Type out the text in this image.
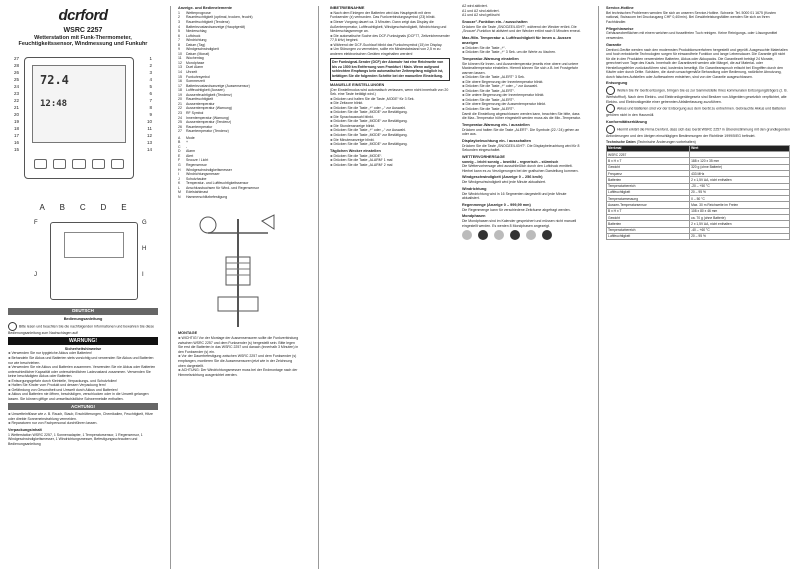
dcrford
WSRC 2257
Wetterstation mit Funk-Thermometer,
Feuchtigkeitssensor, Windmessung und Funkuhr
27
28
26
25
24
23
22
21
20
19
18
17
16
15
1
2
3
4
5
6
7
8
9
10
11
12
13
14
72.4
12:48
A B C D E
F	G
H
I
J
DEUTSCH
Bedienungsanleitung
Bitte lesen und beachten Sie die nachfolgenden Informationen und bewahren Sie diese Bedienungsanleitung zum Nachschlagen auf!
WARNUNG!
Sicherheitshinweise
► Verwenden Sie nur typgleiche Akkus oder Batterien!
► Behandeln Sie Akkus und Batterien stets vorsichtig und verwenden Sie Akkus und Batterien nur wie beschrieben.
► Verwenden Sie nie Akkus und Batterien zusammen. Verwenden Sie nie Akkus oder Batterien unterschiedlicher Kapazität oder unterschiedlichen Ladezustand zusammen. Verwenden Sie keine beschädigten Akkus oder Batterien.
► Entsorgungsgefahr durch Kleinteile, Verpackungs- und Schutzfolien!
► Halten Sie Kinder vom Produkt und dessen Verpackung fern!
► Gefährdung von Gesundheit und Umwelt durch Akkus und Batterien!
► Akkus und Batterien nie öffnen, beschädigen, verschlucken oder in die Umwelt gelangen lassen. Sie können giftige und umweltschädliche Schwermetalle enthalten.
ACHTUNG!
► Umwelteinflüsse wie z. B. Rauch, Staub, Erschütterungen, Chemikalien, Feuchtigkeit, Hitze oder direkte Sonneneinstrahlung vermeiden.
► Reparaturen nur von Fachpersonal durchführen lassen.
Verpackungsinhalt
1 Wetterstation WSRC 2257, 1 Sonnenadapter, 1 Temperatursensor, 1 Regensensor, 1 Windgeschwindigkeitsmesser, 1 Windrichtungsmesser, Befestigungsschrauben und Bedienungsanleitung
Anzeige- und Bedienelemente
1	Wetterprognose
2	Raumfeuchtigkeit (optimal, trocken, feucht)
3	Raumfeuchtigkeit (Tendenz)
4	Batteriezustandsanzeige (Hauptgerät)
5	Niederschlag
6	Luftdruck
7	Windrichtung
8	Datum (Tag)
9	Windgeschwindigkeit
10	Datum (Monat)
11	Wochentag
12	Mondphase
13	Duel Alarm
14	Uhrzeit
15	Funkuhrsymbol
16	Sommerzeit
17	Batteriezustandsanzeige (Aussensensor)
18	Luftfeuchtigkeit (Aussen)
19	Aussenfeuchtigkeit (Tendenz)
20	Raumfeuchtigkeit
21	Aussentemperatur
22	Aussentemperatur (Warnung)
23	RF Symbol
24	Innentemperatur (Warnung)
25	Aussentemperatur (Tendenz)
26	Raumtemperatur
27	Raumtemperatur (Tendenz)
A	Mode
B	+
C	-
D	Alarm
E	Alert
F	Snooze / Licht
G	Regensensor
H	Windgeschwindigkeitsmesser
I	Windrichtungsmesser
J	Schutzhaube
K	Temperatur- und Luftfeuchtigkeitssensor
L	Anschlussbuchsen für Wind- und Regensensor
M	Edelstahlmast
N	Hammerschlitzbefestigung
MONTAGE
► WICHTIG! Vor der Montage der Aussensensoren sollte die Funkverbindung zwischen WSRC 2257 und dem Funksender (s) hergestellt sein. Bitte legen Sie erst die Batterien in das WSRC 2257 und danach (innerhalb 3 Minuten) in den Funksender (s) ein.
► Vor der Dauerbefestigung zwischen WSRC 2257 und dem Funksender (s) empfangen, montieren Sie die Aussensensoren jetzt wie in der Zeichnung oben dargestellt.
► ACHTUNG: Der Windrichtungsmesser muss bei der Endmontage nach der Himmelsrichtung ausgerichtet werden.
INBETRIEBNAHME
► Nach dem Einlegen der Batterien wird das Hauptgerät mit dem Funksender (z) verbunden. Das Funkverbindungssymbol (23) blinkt.
► Dieser Vorgang dauert ca. 3 Minuten. Dann zeigt das Display die Außentemperatur, Luftfeuchtigkeit, Windgeschwindigkeit, Windrichtung und Niederschlagsmenge an.
► Die automatische Suche des DCF-Funksignals (DCF77, Zeitzeichensender 77,5 kHz) beginnt.
► Während der DCF-Suchlauf blinkt das Funkuhrsymbol (15) im Display.
► Um Störungen zu vermeiden, sollte ein Mindestabstand von 2,5 m zu anderen elektronischen Geräten eingehalten werden!
Der Funksignal-Sender (DCF) der Atomuhr hat eine Reichweite von bis zu 1500 km Entfernung vom Frankfurt / Main. Wenn aufgrund schlechten Empfangs kein automatischer Zeitempfang möglich ist, betätigen Sie die folgenden Schritte bei der manuellen Einstellung.
MANUELLE EINSTELLUNGEN
(Der Einstellmodus wird automatisch verlassen, wenn nicht innerhalb von 20 Sek. eine Taste betätigt wird.)
► Drücken und halten Sie die Taste „MODE“ für 3 Sek.
► Die Zeitzone blinkt.
► Drücken Sie die Taste „+“ oder „-“ zur Auswahl.
► Drücken Sie die Taste „MODE“ zur Bestätigung.
► Die Sprachauswahl blinkt.
► Drücken Sie die Taste „MODE“ zur Bestätigung.
► Die Stundenanzeige blinkt.
► Drücken Sie die Taste „+“ oder „-“ zur Auswahl.
► Drücken Sie die Taste „MODE“ zur Bestätigung.
► Die Minutenanzeige blinkt.
► Drücken Sie die Taste „MODE“ zur Bestätigung.
Täglichen Wecker einstellen
► Drücken Sie die Taste „MODE“.
► Drücken Sie die Taste „ALARM“ 1 mal
► Drücken Sie die Taste „ALARM“ 2 mal
A2 wird aktiviert.
A1 und A2 sind aktiviert.
A1 und A2 sind gelöscht
Snooze"-Funktion ein- / ausschalten
Drücken Sie die Taste „SNOOZE/LIGHT“, während der Wecker ertönt. Die „Snooze“-Funktion ist aktiviert und der Wecker ertönt nach 5 Minuten erneut.
Max./Min. Temperatur u. Luftfeuchtigkeit für Innen u. Aussen anzeigen
► Drücken Sie die Taste „+“.
► Drücken Sie die Taste „+“ 3 Sek. um die Werte zu löschen.
Temperatur-Warnung einstellen
Sie können für Innen- und Aussentemperatur jeweils eine obere und untere Maximaltemperatur einstellen. Hiermit können Sie sich z.B. bei Frostgefahr warnen lassen.
► Drücken Sie die Taste „ALERT“ 3 Sek.
► Die obere Begrenzung der Innentemperatur blinkt.
► Drücken Sie die Taste „+“ oder „-“ zur Auswahl.
► Drücken Sie die Taste „ALERT“.
► Die untere Begrenzung der Innentemperatur blinkt.
► Drücken Sie die Taste „ALERT“.
► Die obere Begrenzung der Aussentemperatur blinkt.
► Drücken Sie die Taste „ALERT“.
Damit die Einstellung abgeschlossen werden kann, beachten Sie bitte, dass die Max.-Temperatur höher eingestellt werden muss als die Min.-Temperatur.
Temperatur-Warnung ein- / ausstellen
Drücken und halten Sie die Taste „ALERT“. Die Symbole (22 / 24) gehen an oder aus.
Displaybeleuchtung ein- / ausschalten
Drücken Sie die Taste „SNOOZE/LIGHT“. Die Displaybeleuchtung wird für 8 Sekunden eingeschaltet.
WETTERVORHERSAGE
sonnig – leicht sonnig – bewölkt – regnerisch – stürmisch
Die Wettervorhersage wird ausschließlich durch den Luftdruck ermittelt. Hierbei kann es zu Verzögerungen bei der grafischen Darstellung kommen.
Windgeschwindigkeit (Anzeige 0 – 256 km/h)
Die Windgeschwindigkeit wird jede Minute aktualisiert.
Windrichtung
Die Windrichtung wird in 16 Segmenten dargestellt und jede Minute aktualisiert.
Regenmenge (Anzeige 0 – 999,99 mm)
Die Regenmenge kann für verschiedene Zeiträume abgefragt werden.
Mondphasen
Die Mondphasen sind im Kalender gespeichert und müssen nicht manuell eingestellt werden. Es werden 8 Mondphasen angezeigt.
Service-Hotline
Bei technischen Problemen wenden Sie sich an unseren Service-Hotline. Schweiz: Tel. 5000 01 1675 (Kosten national, Swisscom bei Druckzugang CHF 0,40/min). Bei Gewährleistungsfällen wenden Sie sich an Ihren Fachhändler.
Pflegehinweise
Gehäuseoberflächen mit einem weichen und fusselfreien Tuch reinigen. Keine Reinigungs- oder Lösungsmittel verwenden.
Garantie
Denford-Geräte werden nach den modernsten Produktionsverfahren hergestellt und geprüft. Ausgesuchte Materialien und hoch entwickelte Technologien sorgen für einwandfreie Funktion und lange Lebensdauer. Die Garantie gilt nicht für die in den Produkten verwendeten Batterien, Akkus oder Akkupacks. Die Garantiezeit beträgt 24 Monate, gerechnet vom Tage des Kaufs. Innerhalb der Garantiezeit werden alle Mängel, die auf Material- oder Herstellungsfehler zurückzuführen sind, kostenlos beseitigt. Ein Garantieanspruch erlischt bei Eingriffen durch den Käufer oder durch Dritte. Schäden, die durch unsachgemäße Behandlung oder Bedienung, natürliche Abnutzung, durch falsches Aufstellen oder Aufbewahren entstehen, sind von der Garantie ausgeschlossen.
Entsorgung
Wollen Sie Ihr Gerät entsorgen, bringen Sie es zur Sammelstelle Ihres kommunalen Entsorgungsträgers (z. B. Wertstoffhof). Nach dem Elektro- und Elektronikgerätegesetz sind Besitzer von Altgeräten gesetzlich verpflichtet, alte Elektro- und Elektronikgeräte einer getrennten Abfallerfassung zuzuführen.
Akkus und Batterien sind vor der Entsorgung aus dem Gerät zu entnehmen. Gebrauchte Akkus und Batterien gehören nicht in den Hausmüll.
Konformitätserklärung
Hiermit erklärt die Firma Denford, dass sich das Gerät WSRC 2257 in Übereinstimmung mit den grundlegenden Anforderungen und den übrigen einschlägigen Bestimmungen der Richtlinie 1999/5/EG befindet.
Technische Daten (Technische Änderungen vorbehalten)
Merkmal	Wert
WSRC 2257	
B x H x T	188 x 120 x 35 mm
Gewicht	320 g (ohne Batterie)
Frequenz	433 MHz
Batterien	2 x 1,5V AA, nicht enthalten
Temperaturbereich	-20 – +50 °C
Luftfeuchtigkeit	20 – 95 %
Temperaturmessung	0 – 50 °C
Aussen-Temperatursensor	Max. 30 m Reichweite im Freien
B x H x T	108 x 80 x 46 mm
Gewicht	ca. 70 g (ohne Batterie)
Batterien	2 x 1,5V AA, nicht enthalten
Temperaturbereich	-40 – +60 °C
Luftfeuchtigkeit	20 – 95 %
